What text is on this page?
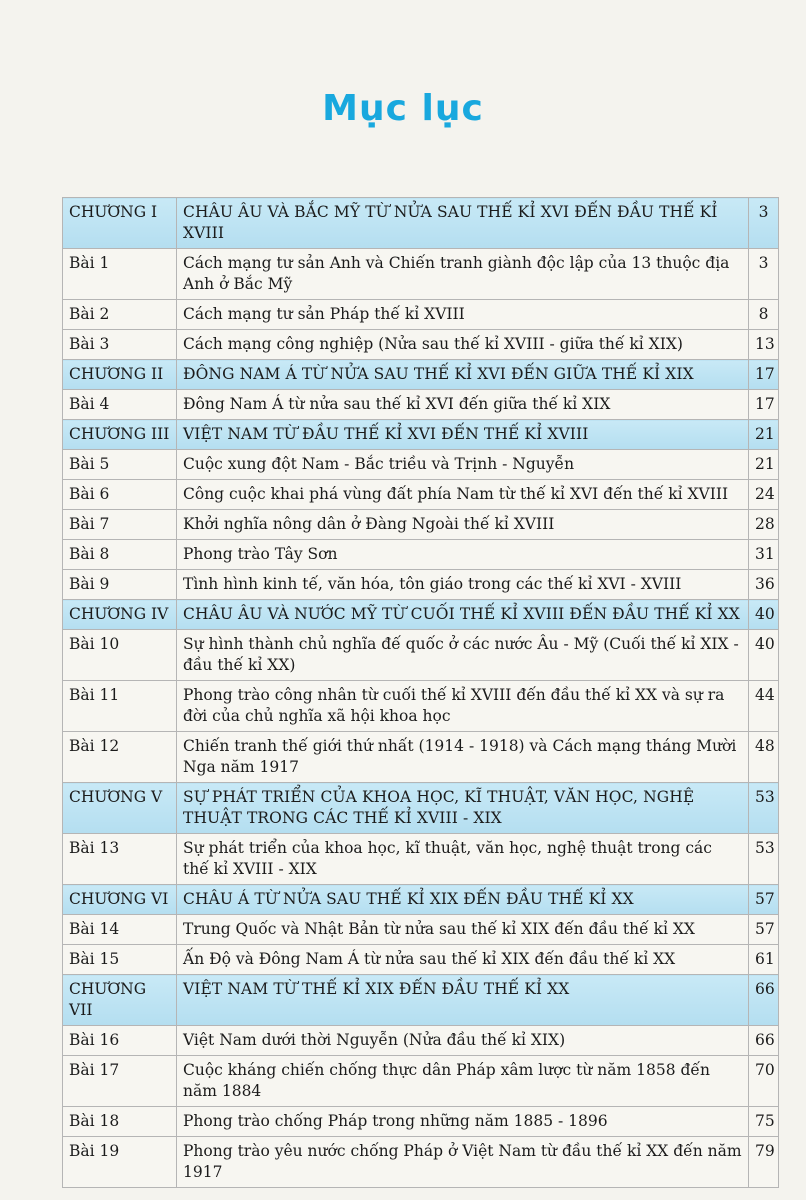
Mục lục
CHƯƠNG I	CHÂU ÂU VÀ BẮC MỸ TỪ NỬA SAU THẾ KỈ XVI ĐẾN ĐẦU THẾ KỈ XVIII	3
Bài 1	Cách mạng tư sản Anh và Chiến tranh giành độc lập của 13 thuộc địa Anh ở Bắc Mỹ	3
Bài 2	Cách mạng tư sản Pháp thế kỉ XVIII	8
Bài 3	Cách mạng công nghiệp (Nửa sau thế kỉ XVIII - giữa thế kỉ XIX)	13
CHƯƠNG II	ĐÔNG NAM Á TỪ NỬA SAU THẾ KỈ XVI ĐẾN GIỮA THẾ KỈ XIX	17
Bài 4	Đông Nam Á từ nửa sau thế kỉ XVI đến giữa thế kỉ XIX	17
CHƯƠNG III	VIỆT NAM TỪ ĐẦU THẾ KỈ XVI ĐẾN THẾ KỈ XVIII	21
Bài 5	Cuộc xung đột Nam - Bắc triều và Trịnh - Nguyễn	21
Bài 6	Công cuộc khai phá vùng đất phía Nam từ thế kỉ XVI đến thế kỉ XVIII	24
Bài 7	Khởi nghĩa nông dân ở Đàng Ngoài thế kỉ XVIII	28
Bài 8	Phong trào Tây Sơn	31
Bài 9	Tình hình kinh tế, văn hóa, tôn giáo trong các thế kỉ XVI - XVIII	36
CHƯƠNG IV	CHÂU ÂU VÀ NƯỚC MỸ TỪ CUỐI THẾ KỈ XVIII ĐẾN ĐẦU THẾ KỈ XX	40
Bài 10	Sự hình thành chủ nghĩa đế quốc ở các nước Âu - Mỹ (Cuối thế kỉ XIX - đầu thế kỉ XX)	40
Bài 11	Phong trào công nhân từ cuối thế kỉ XVIII đến đầu thế kỉ XX và sự ra đời của chủ nghĩa xã hội khoa học	44
Bài 12	Chiến tranh thế giới thứ nhất (1914 - 1918) và Cách mạng tháng Mười Nga năm 1917	48
CHƯƠNG V	SỰ PHÁT TRIỂN CỦA KHOA HỌC, KĨ THUẬT, VĂN HỌC, NGHỆ THUẬT TRONG CÁC THẾ KỈ XVIII - XIX	53
Bài 13	Sự phát triển của khoa học, kĩ thuật, văn học, nghệ thuật trong các thế kỉ XVIII - XIX	53
CHƯƠNG VI	CHÂU Á TỪ NỬA SAU THẾ KỈ XIX ĐẾN ĐẦU THẾ KỈ XX	57
Bài 14	Trung Quốc và Nhật Bản từ nửa sau thế kỉ XIX đến đầu thế kỉ XX	57
Bài 15	Ấn Độ và Đông Nam Á từ nửa sau thế kỉ XIX đến đầu thế kỉ XX	61
CHƯƠNG VII	VIỆT NAM TỪ THẾ KỈ XIX ĐẾN ĐẦU THẾ KỈ XX	66
Bài 16	Việt Nam dưới thời Nguyễn (Nửa đầu thế kỉ XIX)	66
Bài 17	Cuộc kháng chiến chống thực dân Pháp xâm lược từ năm 1858 đến năm 1884	70
Bài 18	Phong trào chống Pháp trong những năm 1885 - 1896	75
Bài 19	Phong trào yêu nước chống Pháp ở Việt Nam từ đầu thế kỉ XX đến năm 1917	79
